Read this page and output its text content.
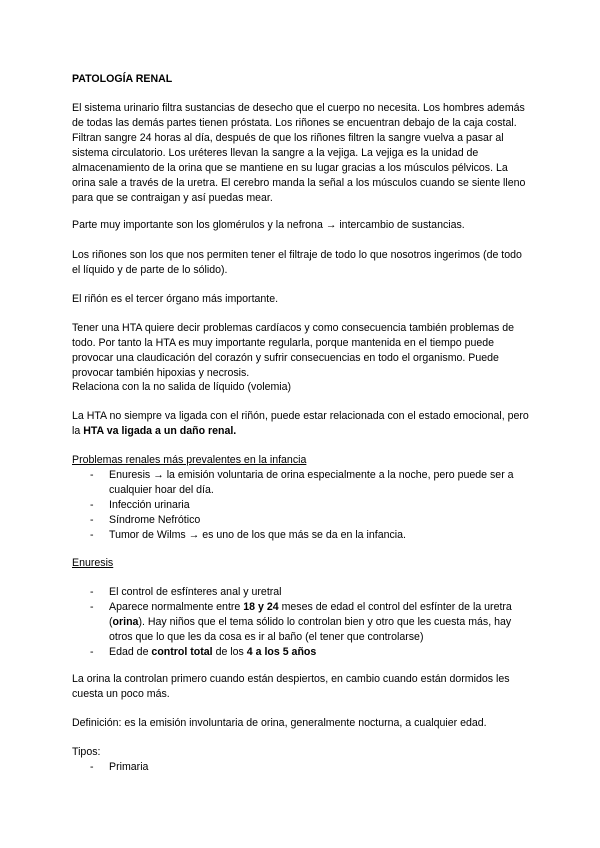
PATOLOGÍA RENAL
El sistema urinario filtra sustancias de desecho que el cuerpo no necesita. Los hombres además de todas las demás partes tienen próstata. Los riñones se encuentran debajo de la caja costal. Filtran sangre 24 horas al día, después de que los riñones filtren la sangre vuelva a pasar al sistema circulatorio. Los uréteres llevan la sangre a la vejiga. La vejiga es la unidad de almacenamiento de la orina que se mantiene en su lugar gracias a los músculos pélvicos. La orina sale a través de la uretra. El cerebro manda la señal a los músculos cuando se siente lleno para que se contraigan y así puedas mear.
Parte muy importante son los glomérulos y la nefrona → intercambio de sustancias.
Los riñones son los que nos permiten tener el filtraje de todo lo que nosotros ingerimos (de todo el líquido y de parte de lo sólido).
El riñón es el tercer órgano más importante.
Tener una HTA quiere decir problemas cardíacos y como consecuencia también problemas de todo. Por tanto la HTA es muy importante regularla, porque mantenida en el tiempo puede provocar una claudicación del corazón y sufrir consecuencias en todo el organismo. Puede provocar también hipoxias y necrosis.
Relaciona con la no salida de líquido (volemia)
La HTA no siempre va ligada con el riñón, puede estar relacionada con el estado emocional, pero la HTA va ligada a un daño renal.
Problemas renales más prevalentes en la infancia
- Enuresis → la emisión voluntaria de orina especialmente a la noche, pero puede ser a cualquier hoar del día.
- Infección urinaria
- Síndrome Nefrótico
- Tumor de Wilms → es uno de los que más se da en la infancia.
Enuresis
- El control de esfínteres anal y uretral
- Aparece normalmente entre 18 y 24 meses de edad el control del esfínter de la uretra (orina). Hay niños que el tema sólido lo controlan bien y otro que les cuesta más, hay otros que lo que les da cosa es ir al baño (el tener que controlarse)
- Edad de control total de los 4 a los 5 años
La orina la controlan primero cuando están despiertos, en cambio cuando están dormidos les cuesta un poco más.
Definición: es la emisión involuntaria de orina, generalmente nocturna, a cualquier edad.
Tipos:
- Primaria
